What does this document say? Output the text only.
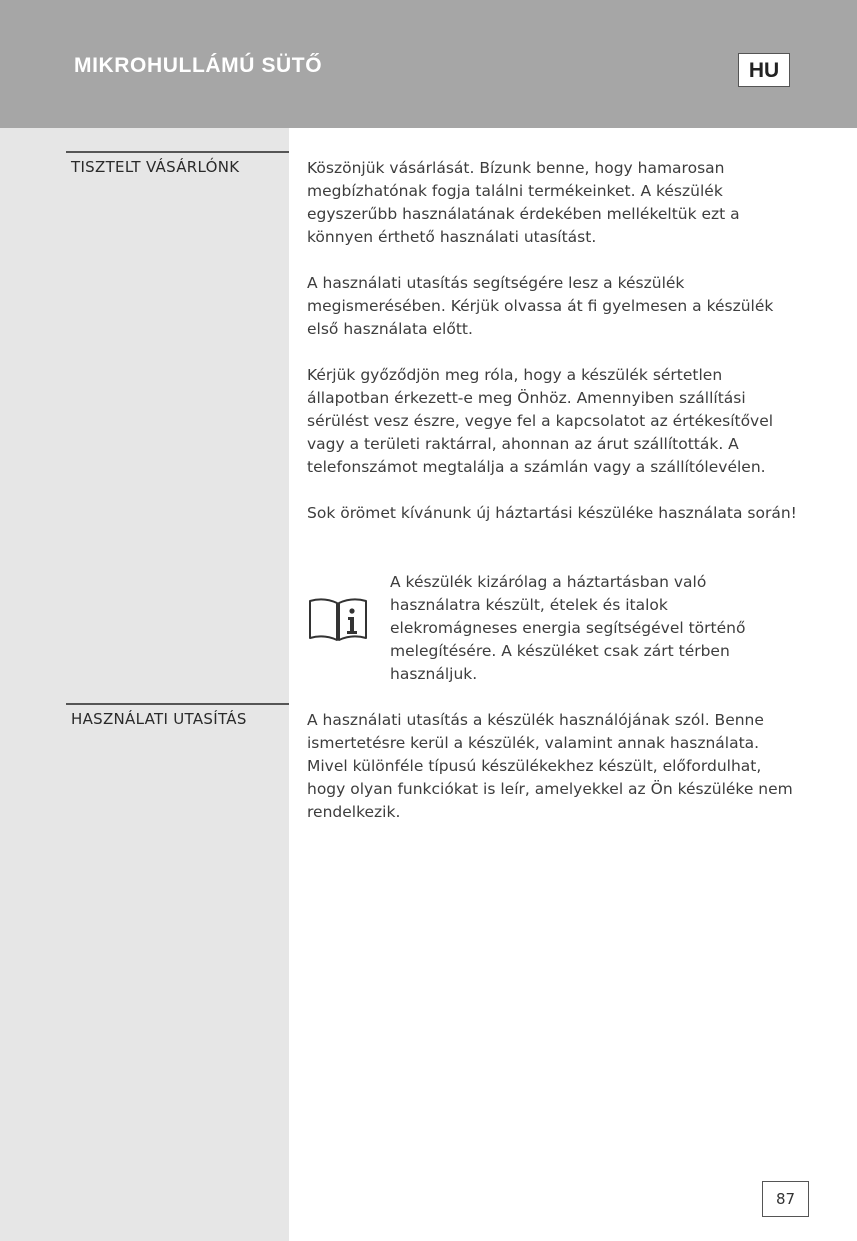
MIKROHULLÁMÚ SÜTŐ	HU
TISZTELT VÁSÁRLÓNK	Köszönjük vásárlását. Bízunk benne, hogy hamarosan megbízhatónak fogja találni termékeinket. A készülék egyszerűbb használatának érdekében mellékeltük ezt a könnyen érthető használati utasítást.

A használati utasítás segítségére lesz a készülék megismerésében. Kérjük olvassa át fi gyelmesen a készülék első használata előtt.

Kérjük győződjön meg róla, hogy a készülék sértetlen állapotban érkezett-e meg Önhöz. Amennyiben szállítási sérülést vesz észre, vegye fel a kapcsolatot az értékesítővel vagy a területi raktárral, ahonnan az árut szállították. A telefonszámot megtalálja a számlán vagy a szállítólevélen.

Sok örömet kívánunk új háztartási készüléke használata során!

A készülék kizárólag a háztartásban való használatra készült, ételek és italok elekromágneses energia segítségével történő melegítésére. A készüléket csak zárt térben használjuk.

HASZNÁLATI UTASÍTÁS	A használati utasítás a készülék használójának szól. Benne ismertetésre kerül a készülék, valamint annak használata. Mivel különféle típusú készülékekhez készült, előfordulhat, hogy olyan funkciókat is leír, amelyekkel az Ön készüléke nem rendelkezik.

87
